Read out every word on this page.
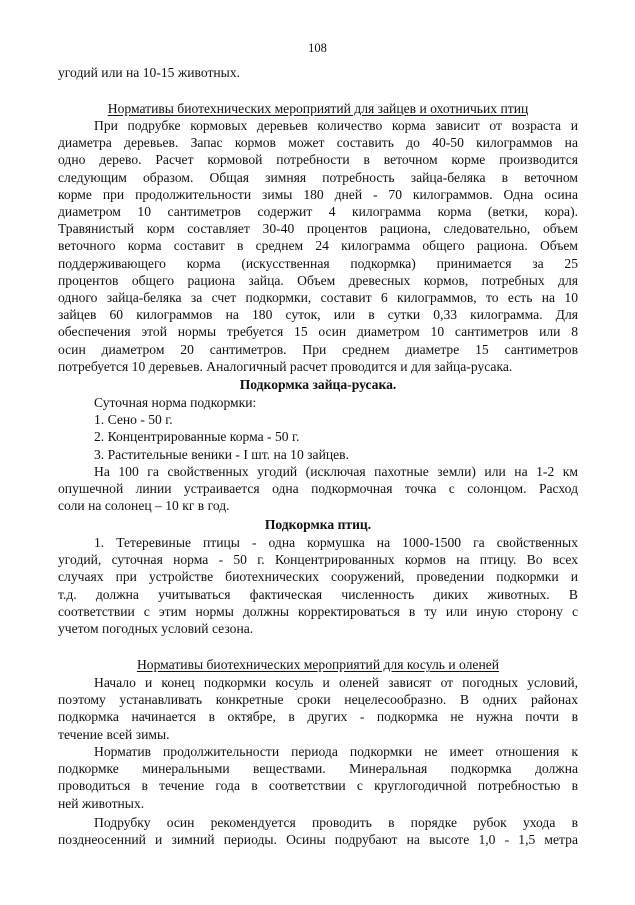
108
угодий или на 10-15 животных.
Нормативы биотехнических мероприятий для зайцев и охотничьих птиц

При подрубке кормовых деревьев количество корма зависит от возраста и

диаметра деревьев. Запас кормов может составить до 40-50 килограммов на

одно дерево. Расчет кормовой потребности в веточном корме производится

следующим образом. Общая зимняя потребность зайца-беляка в веточном

корме при продолжительности зимы 180 дней - 70 килограммов. Одна осина

диаметром 10 сантиметров содержит 4 килограмма корма (ветки, кора).

Травянистый корм составляет 30-40 процентов рациона, следовательно, объем

веточного корма составит в среднем 24 килограмма общего рациона. Объем

поддерживающего корма (искусственная подкормка) принимается за 25

процентов общего рациона зайца. Объем древесных кормов, потребных для

одного зайца-беляка за счет подкормки, составит 6 килограммов, то есть на 10

зайцев 60 килограммов на 180 суток, или в сутки 0,33 килограмма. Для

обеспечения этой нормы требуется 15 осин диаметром 10 сантиметров или 8

осин диаметром 20 сантиметров. При среднем диаметре 15 сантиметров

потребуется 10 деревьев. Аналогичный расчет проводится и для зайца-русака.

Подкормка зайца-русака.

Суточная норма подкормки:

1. Сено - 50 г.

2. Концентрированные корма - 50 г.

3. Растительные веники - I шт. на 10 зайцев.

На 100 га свойственных угодий (исключая пахотные земли) или на 1-2 км

опушечной линии устраивается одна подкормочная точка с солонцом. Расход

соли на солонец – 10 кг в год.

Подкормка птиц.

1. Тетеревиные птицы - одна кормушка на 1000-1500 га свойственных

угодий, суточная норма - 50 г. Концентрированных кормов на птицу. Во всех

случаях при устройстве биотехнических сооружений, проведении подкормки и

т.д. должна учитываться фактическая численность диких животных. В

соответствии с этим нормы должны корректироваться в ту или иную сторону с

учетом погодных условий сезона.

Нормативы биотехнических мероприятий для косуль и оленей

Начало и конец подкормки косуль и оленей зависят от погодных условий,

поэтому устанавливать конкретные сроки нецелесообразно. В одних районах

подкормка начинается в октябре, в других - подкормка не нужна почти в

течение всей зимы.

Норматив продолжительности периода подкормки не имеет отношения к

подкормке минеральными веществами. Минеральная подкормка должна

проводиться в течение года в соответствии с круглогодичной потребностью в

ней животных.

Подрубку осин рекомендуется проводить в порядке рубок ухода в

позднеосенний и зимний периоды. Осины подрубают на высоте 1,0 - 1,5 метра
